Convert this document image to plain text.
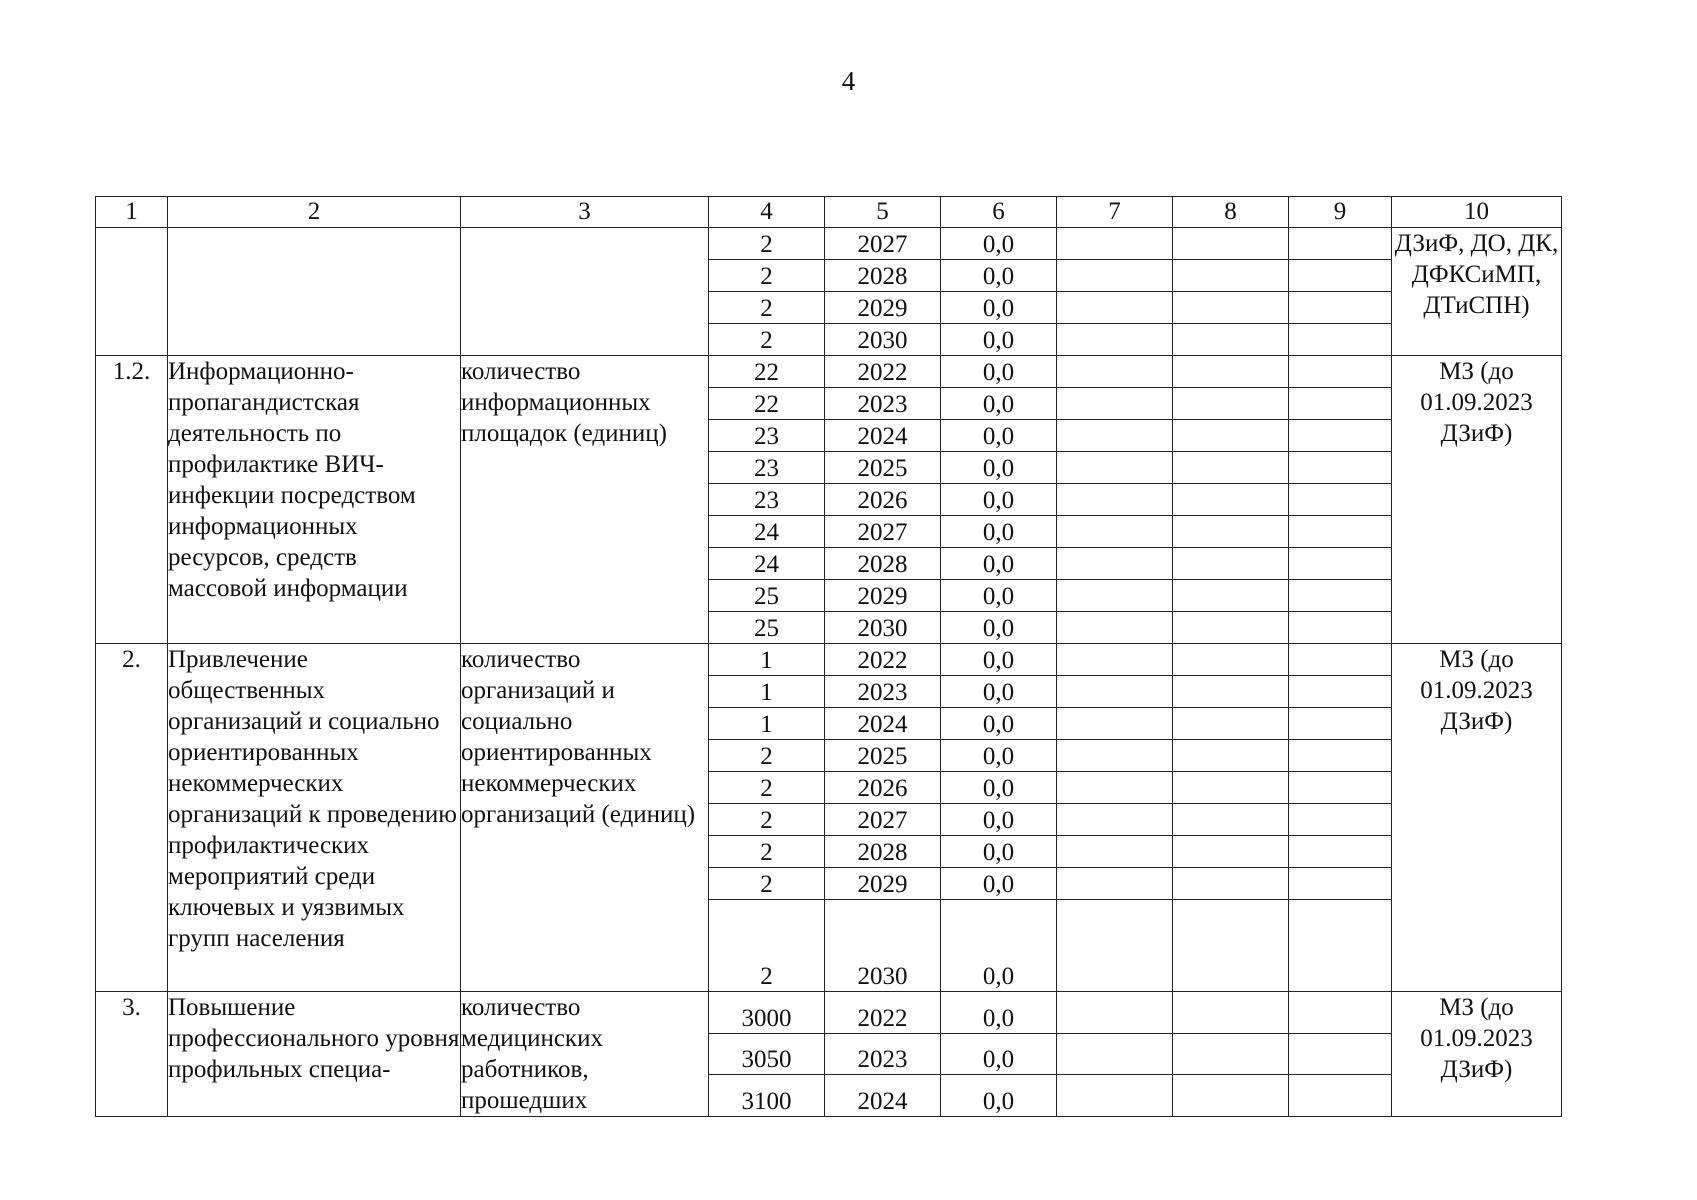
4
1	2	3	4	5	6	7	8	9	10
			2	2027	0,0				ДЗиФ, ДО, ДК, ДФКСиМП, ДТиСПН)
			2	2028	0,0				
			2	2029	0,0				
			2	2030	0,0				
1.2.	Информационно-пропагандистская деятельность по профилактике ВИЧ-инфекции посредством информационных ресурсов, средств массовой информации	количество информационных площадок (единиц)	22	2022	0,0				МЗ (до 01.09.2023 ДЗиФ)
			22	2023	0,0				
			23	2024	0,0				
			23	2025	0,0				
			23	2026	0,0				
			24	2027	0,0				
			24	2028	0,0				
			25	2029	0,0				
			25	2030	0,0				
2.	Привлечение общественных организаций и социально ориентированных некоммерческих организаций к проведению профилактических мероприятий среди ключевых и уязвимых групп населения	количество организаций и социально ориентированных некоммерческих организаций (единиц)	1	2022	0,0				МЗ (до 01.09.2023 ДЗиФ)
			1	2023	0,0				
			1	2024	0,0				
			2	2025	0,0				
			2	2026	0,0				
			2	2027	0,0				
			2	2028	0,0				
			2	2029	0,0				
			2	2030	0,0				
3.	Повышение профессионального уровня профильных специа-	количество медицинских работников, прошедших	3000	2022	0,0				МЗ (до 01.09.2023 ДЗиФ)
			3050	2023	0,0				
			3100	2024	0,0				
